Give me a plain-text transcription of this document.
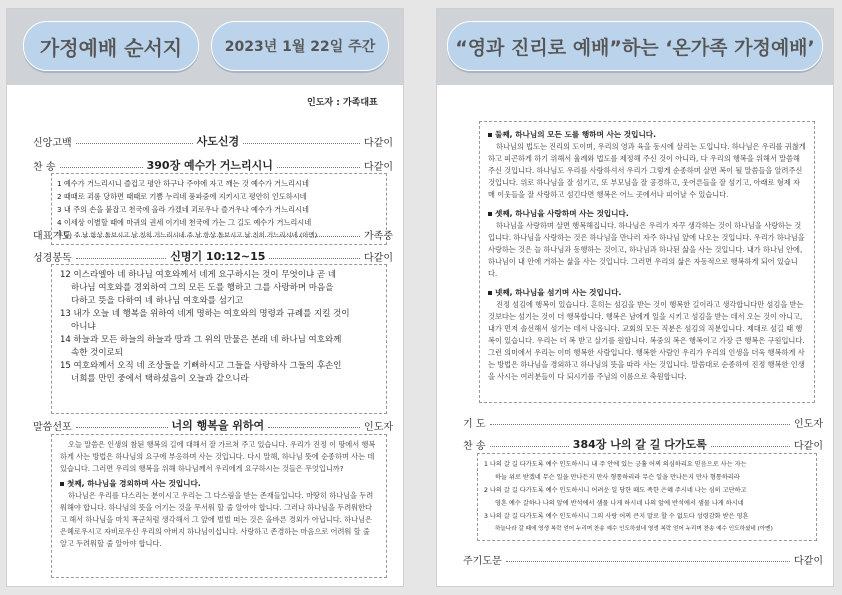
가정예배 순서지	2023년 1월 22일 주간
인도자 : 가족대표
신앙고백	사도신경	다같이
찬 송	390장 예수가 거느리시니	다같이
1 예수가 거느리시니 즐겁고 평안 하구나 주야에 자고 깨는 것 예수가 거느리시네
2 때때로 괴롬 당하면 때때로 기쁨 누리네 풍파중에 지키시고 평안히 인도하시네
3 내 주의 손을 붙잡고 천국에 올라 가겠네 괴로우나 즐거우나 예수가 거느리시네
4 이세상 이별할 때에 마귀의 권세 이기네 천국에 가는 그 길도 예수가 거느리시네
후렴) 주 날 항상 돌보시고 날 친히 거느리시네 주 날 항상 돌보시고 날 친히 거느리시네 (아멘)
대표기도	가족중
성경봉독	신명기 10:12~15	다같이
12 이스라엘아 네 하나님 여호와께서 네게 요구하시는 것이 무엇이냐 곧 네
하나님 여호와를 경외하여 그의 모든 도를 행하고 그를 사랑하며 마음을
다하고 뜻을 다하여 네 하나님 여호와를 섬기고
13 내가 오늘 네 행복을 위하여 네게 명하는 여호와의 명령과 규례를 지킬 것이
아니냐
14 하늘과 모든 하늘의 하늘과 땅과 그 위의 만물은 본래 네 하나님 여호와께
속한 것이로되
15 여호와께서 오직 네 조상들을 기뻐하시고 그들을 사랑하사 그들의 후손인
너희를 만민 중에서 택하셨음이 오늘과 같으니라
말씀선포	너의 행복을 위하여	인도자
오늘 말씀은 인생의 참된 행복의 길에 대해서 잘 가르쳐 주고 있습니다. 우리가 진정 이 땅에서 행복하게 사는 방법은 하나님의 요구에 부응하며 사는 것입니다. 다시 말해, 하나님 뜻에 순종하며 사는 데 있습니다. 그러면 우리의 행복을 위해 하나님께서 우리에게 요구하시는 것들은 무엇입니까?
첫째, 하나님을 경외하며 사는 것입니다.
하나님은 우리를 다스리는 분이시고 우리는 그 다스림을 받는 존재들입니다. 마땅히 하나님을 두려워해야 합니다. 하나님의 뜻을 어기는 것을 무서워 할 줄 알아야 합니다. 그러나 하나님을 두려워한다고 해서 하나님을 마치 폭군처럼 생각해서 그 앞에 벌벌 떠는 것은 올바른 경외가 아닙니다. 하나님은 은혜로우시고 자비로우신 우리의 아버지 하나님이십니다. 사랑하고 존경하는 마음으로 어려워 할 줄 알고 두려워할 줄 알아야 합니다.
“영과 진리로 예배”하는 ‘온가족 가정예배’
둘째, 하나님의 모든 도를 행하며 사는 것입니다.
하나님의 법도는 진리의 도이며, 우리의 영과 육을 동시에 살리는 도입니다. 하나님은 우리를 귀찮게 하고 피곤하게 하기 위해서 율례와 법도를 제정해 주신 것이 아니라, 다 우리의 행복을 위해서 말씀해 주신 것입니다. 하나님도 우리를 사랑하셔서 우리가 그렇게 순종하며 살면 복이 될 말씀들을 알려주신 것입니다. 위로 하나님을 잘 섬기고, 또 부모님을 잘 공경하고, 웃어른들을 잘 섬기고, 아래로 형제 자매 이웃들을 잘 사랑하고 섬긴다면 행복은 어느 곳에서나 피어날 수 있습니다.
셋째, 하나님을 사랑하며 사는 것입니다.
하나님을 사랑하며 살면 행복해집니다. 하나님은 우리가 자꾸 생각하는 것이 하나님을 사랑하는 것입니다. 하나님을 사랑하는 것은 하나님을 만나러 자주 하나님 앞에 나오는 것입니다. 우리가 하나님을 사랑하는 것은 늘 하나님과 동행하는 것이고, 하나님과 하나된 삶을 사는 것입니다. 내가 하나님 안에, 하나님이 내 안에 거하는 삶을 사는 것입니다. 그러면 우리의 삶은 자동적으로 행복하게 되어 있습니다.
넷째, 하나님을 섬기며 사는 것입니다.
진정 섬김에 행복이 있습니다. 흔히는 섬김을 받는 것이 행복한 길이라고 생각합니다만 섬김을 받는 것보다는 섬기는 것이 더 행복합니다. 행복은 남에게 일을 시키고 섬김을 받는 데서 오는 것이 아니고, 내가 먼저 솔선해서 섬기는 데서 나옵니다. 교회의 모든 직분은 섬김의 직분입니다. 제대로 섬길 때 행복이 있습니다. 우리는 더 복 받고 살기를 원합니다. 복중의 복은 행복이고 가장 큰 행복은 구원입니다. 그런 의미에서 우리는 이미 행복한 사람입니다. 행복한 사람인 우리가 우리의 인생을 더욱 행복하게 사는 방법은 하나님을 경외하고 하나님의 뜻을 따라 사는 것입니다. 말씀대로 순종하여 진정 행복한 인생을 사시는 여러분들이 다 되시기를 주님의 이름으로 축원합니다.
기 도	인도자
찬 송	384장 나의 갈 길 다가도록	다같이
1 나의 갈 길 다가도록 예수 인도하시니 내 주 안에 있는 긍휼 어찌 의심하리요 믿음으로 사는 자는
하늘 위로 받겠네 무슨 일을 만나든지 만사 형통하리라 무슨 일을 만나든지 만사 형통하리라
2 나의 갈 길 다가도록 예수 인도하시니 어려운 일 당한 때도 족한 은혜 주시네 나는 심히 고단하고
영혼 예수 갈하나 나의 앞에 반석에서 샘물 나게 하시네 나의 앞에 반석에서 샘물 나게 하시네
3 나의 갈 길 다가도록 예수 인도하시니 그의 사랑 어찌 큰지 말로 할 수 없도다 성령감화 받은 영혼
하늘나라 갈 때에 영생 복락 얻어 누리며 찬송 예수 인도하셨네 영생 복락 얻어 누리며 찬송 예수 인도하셨네 (아멘)
주기도문	다같이
